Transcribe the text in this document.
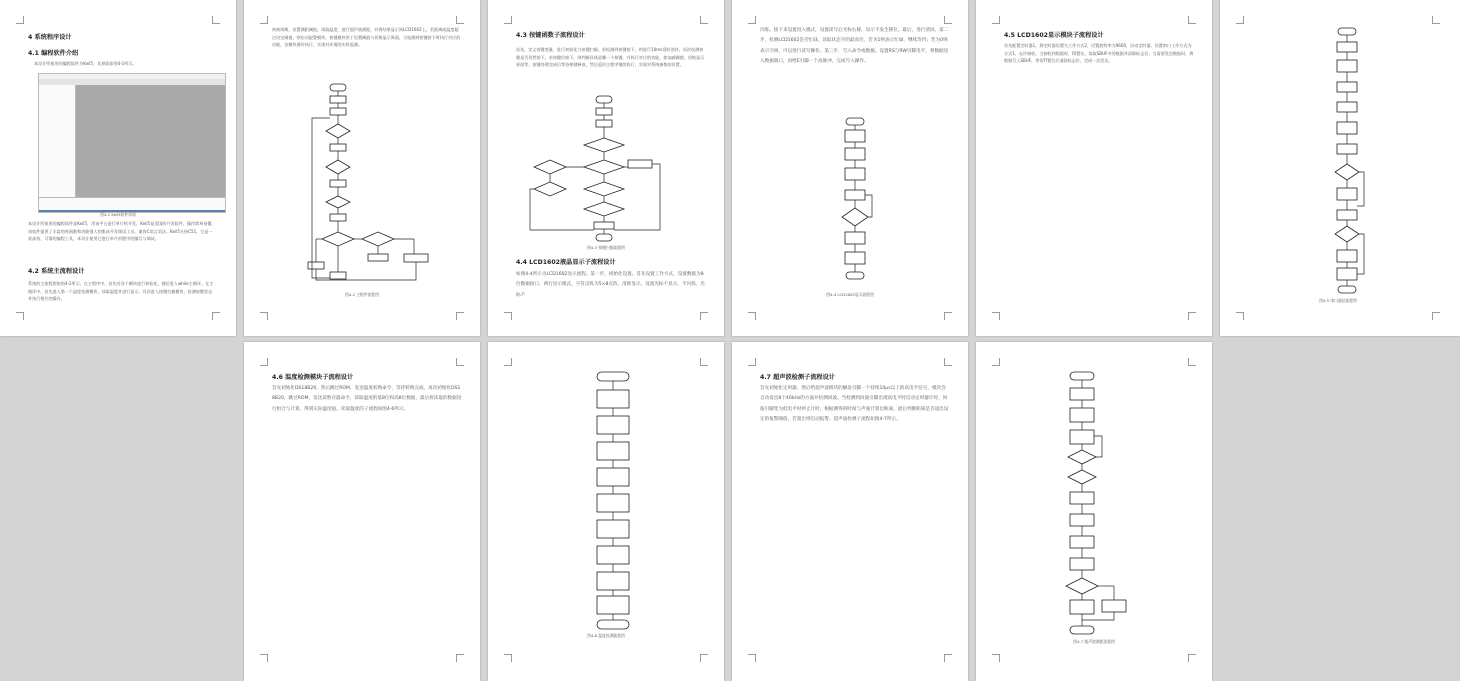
4 系统程序设计
4.1 编程软件介绍
本设计所使用的编程软件为Keil5，其界面如图4-1所示。
图4-1 Keil5软件界面
本设计所使用的编程软件是Keil5，用该平台进行单片机开发，Keil5是美国的开发软件，操作简单易懂，该软件提供了丰富的库函数和功能强大的集成开发调试工具，兼容C语言语法。Keil5支持C51，它是一款高效、可靠的编程工具，本设计使用它进行单片机程序的编写与调试。
4.2 系统主流程设计
系统的主流程图如图4-2所示。在主程序中，首先对各个模块进行初始化，随后进入while主循环。在主循环中，首先进入第一个温度检测模块，读取温度并进行显示。其次进入按键扫描模块，检测按键状态并执行相应的操作。
转换周期，设置测距阈值，读取温度，进行超声波测距，并将结果显示到LCD1602上。若距离或温度超过设定阈值，则启动报警模块。按键模块用于设置阈值与切换显示界面，当检测到按键按下时执行对应的功能，各模块循环执行，实现对环境的实时监测。
图4-2 主程序流程图
4.3 按键函数子流程设计
首先，定义按键变量，进行初始化与按键扫描。若检测到按键按下，则进行10ms延时消抖，再次检测按键是否仍然按下。若按键仍按下，则判断具体是哪一个按键，并执行对应的功能，如加减阈值、切换显示界面等。按键处理完成后等待按键释放，然后返回主程序继续执行，实现对系统参数的设置。
图4-3 按键扫描流程图
4.4 LCD1602液晶显示子流程设计
如图4-4所示为LCD1602显示流程。第一步，初始化设置。首先设置工作方式，设置数据为8位数据接口，两行显示模式，字符点阵为5×8点阵，清除显示，设置光标不显示，不闪烁，光标不
闪烁。接下来设置进入模式，设置读写后光标右移，显示不发生移位。最后，进行清屏。第二步，检测LCD1602是否忙碌，读取状态字的最高位，若为1则表示忙碌，继续等待；若为0则表示空闲，可以进行读写操作。第三步，写入命令或数据。设置RS与RW引脚电平，将数据送入数据端口，再给E引脚一个高脉冲，完成写入操作。
图4-4 LCD1602显示流程图
4.5 LCD1602显示模块子流程设计
首先配置定时器1，将定时器设置为工作方式2，设置波特率为9600，启动定时器。设置串口工作方式为方式1，允许接收。当接收到数据时，RI置位，读取SBUF中的数据并清除标志位；当需要发送数据时，将数据写入SBUF，等待TI置位后清除标志位，完成一次发送。
图4-5 串口通信流程图
4.6 温度检测模块子流程设计
首先初始化DS18B20，然后跳过ROM，发送温度转换命令，等待转换完成。再次初始化DS18B20，跳过ROM，发送读暂存器命令，读取温度的低8位和高8位数据，最后将读取的数据进行组合与计算，得到实际温度值。读取温度的子流程如图4-6所示。
图4-6 温度检测流程图
4.7 超声波检测子流程设计
首先初始化定时器，然后给超声波模块的触发引脚一个持续10μs以上的高电平信号，模块会自动发出8个40kHz的方波并检测回波。当检测到回波引脚出现高电平时启动定时器计时，回波引脚变为低电平时停止计时，根据测得的时间与声速计算出距离，最后判断距离是否超出设定的报警阈值，若超出则启动报警。超声波检测子流程如图4-7所示。
图4-7 超声波测距流程图
